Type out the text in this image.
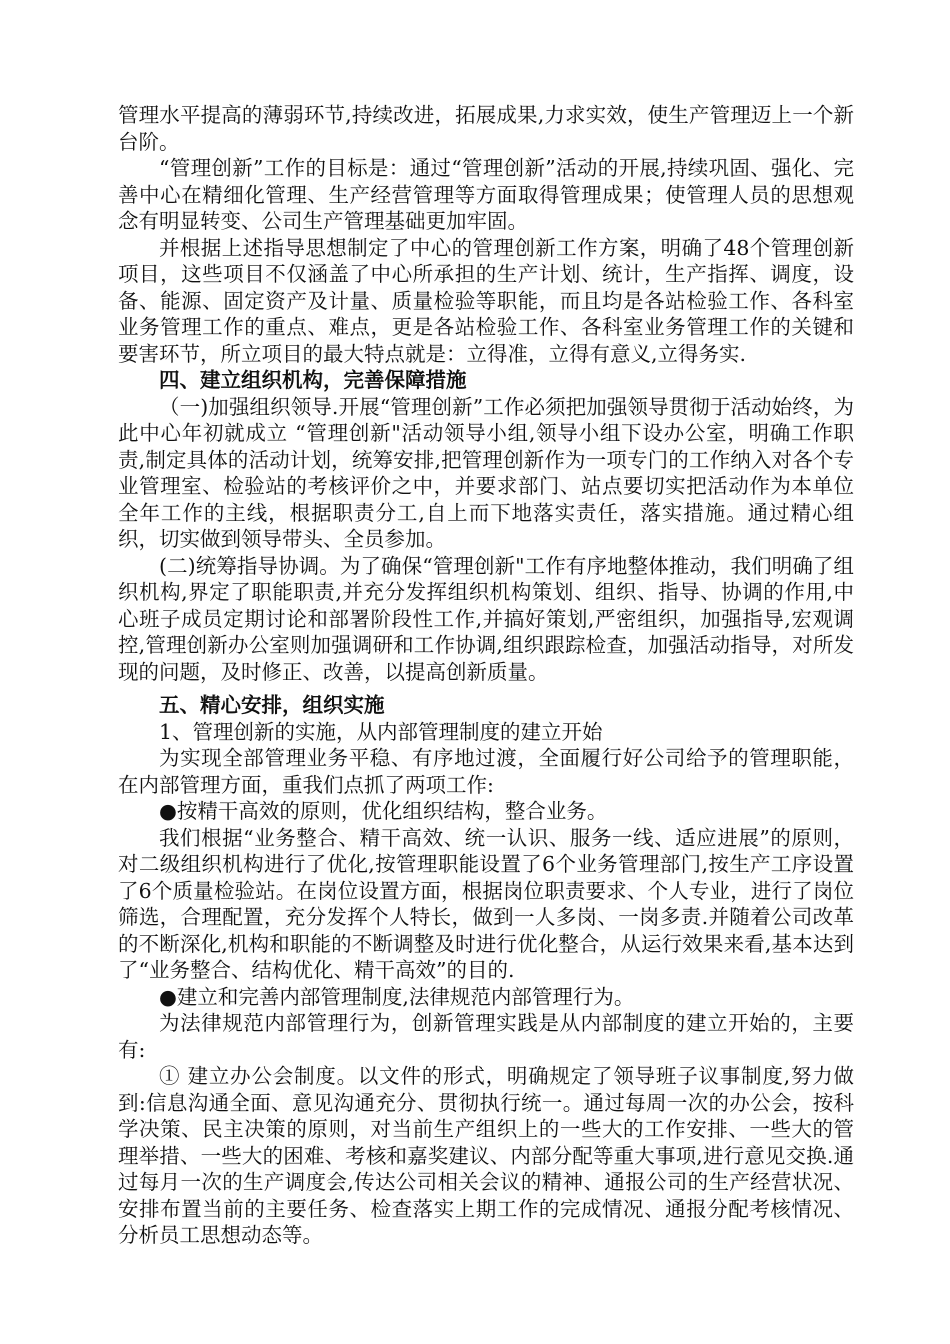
管理水平提高的薄弱环节,持续改进，拓展成果,力求实效，使生产管理迈上一个新台阶。

“管理创新”工作的目标是：通过“管理创新”活动的开展,持续巩固、强化、完善中心在精细化管理、生产经营管理等方面取得管理成果；使管理人员的思想观念有明显转变、公司生产管理基础更加牢固。

并根据上述指导思想制定了中心的管理创新工作方案，明确了48个管理创新项目，这些项目不仅涵盖了中心所承担的生产计划、统计，生产指挥、调度，设备、能源、固定资产及计量、质量检验等职能，而且均是各站检验工作、各科室业务管理工作的重点、难点，更是各站检验工作、各科室业务管理工作的关键和要害环节，所立项目的最大特点就是：立得准，立得有意义,立得务实.

四、建立组织机构，完善保障措施

（一)加强组织领导.开展“管理创新”工作必须把加强领导贯彻于活动始终，为此中心年初就成立 “管理创新"活动领导小组,领导小组下设办公室，明确工作职责,制定具体的活动计划，统筹安排,把管理创新作为一项专门的工作纳入对各个专业管理室、检验站的考核评价之中，并要求部门、站点要切实把活动作为本单位全年工作的主线，根据职责分工,自上而下地落实责任，落实措施。通过精心组织，切实做到领导带头、全员参加。

(二)统筹指导协调。为了确保“管理创新"工作有序地整体推动，我们明确了组织机构,界定了职能职责,并充分发挥组织机构策划、组织、指导、协调的作用,中心班子成员定期讨论和部署阶段性工作,并搞好策划,严密组织，加强指导,宏观调控,管理创新办公室则加强调研和工作协调,组织跟踪检查，加强活动指导，对所发现的问题，及时修正、改善，以提高创新质量。

五、精心安排，组织实施

1、管理创新的实施，从内部管理制度的建立开始

为实现全部管理业务平稳、有序地过渡，全面履行好公司给予的管理职能，在内部管理方面，重我们点抓了两项工作:

●按精干高效的原则，优化组织结构，整合业务。

我们根据“业务整合、精干高效、统一认识、服务一线、适应进展”的原则，对二级组织机构进行了优化,按管理职能设置了6个业务管理部门,按生产工序设置了6个质量检验站。在岗位设置方面，根据岗位职责要求、个人专业，进行了岗位筛选，合理配置，充分发挥个人特长，做到一人多岗、一岗多责.并随着公司改革的不断深化,机构和职能的不断调整及时进行优化整合，从运行效果来看,基本达到了“业务整合、结构优化、精干高效”的目的.

●建立和完善内部管理制度,法律规范内部管理行为。

为法律规范内部管理行为，创新管理实践是从内部制度的建立开始的，主要有:

① 建立办公会制度。以文件的形式，明确规定了领导班子议事制度,努力做到:信息沟通全面、意见沟通充分、贯彻执行统一。通过每周一次的办公会，按科学决策、民主决策的原则，对当前生产组织上的一些大的工作安排、一些大的管理举措、一些大的困难、考核和嘉奖建议、内部分配等重大事项,进行意见交换.通过每月一次的生产调度会,传达公司相关会议的精神、通报公司的生产经营状况、安排布置当前的主要任务、检查落实上期工作的完成情况、通报分配考核情况、分析员工思想动态等。
